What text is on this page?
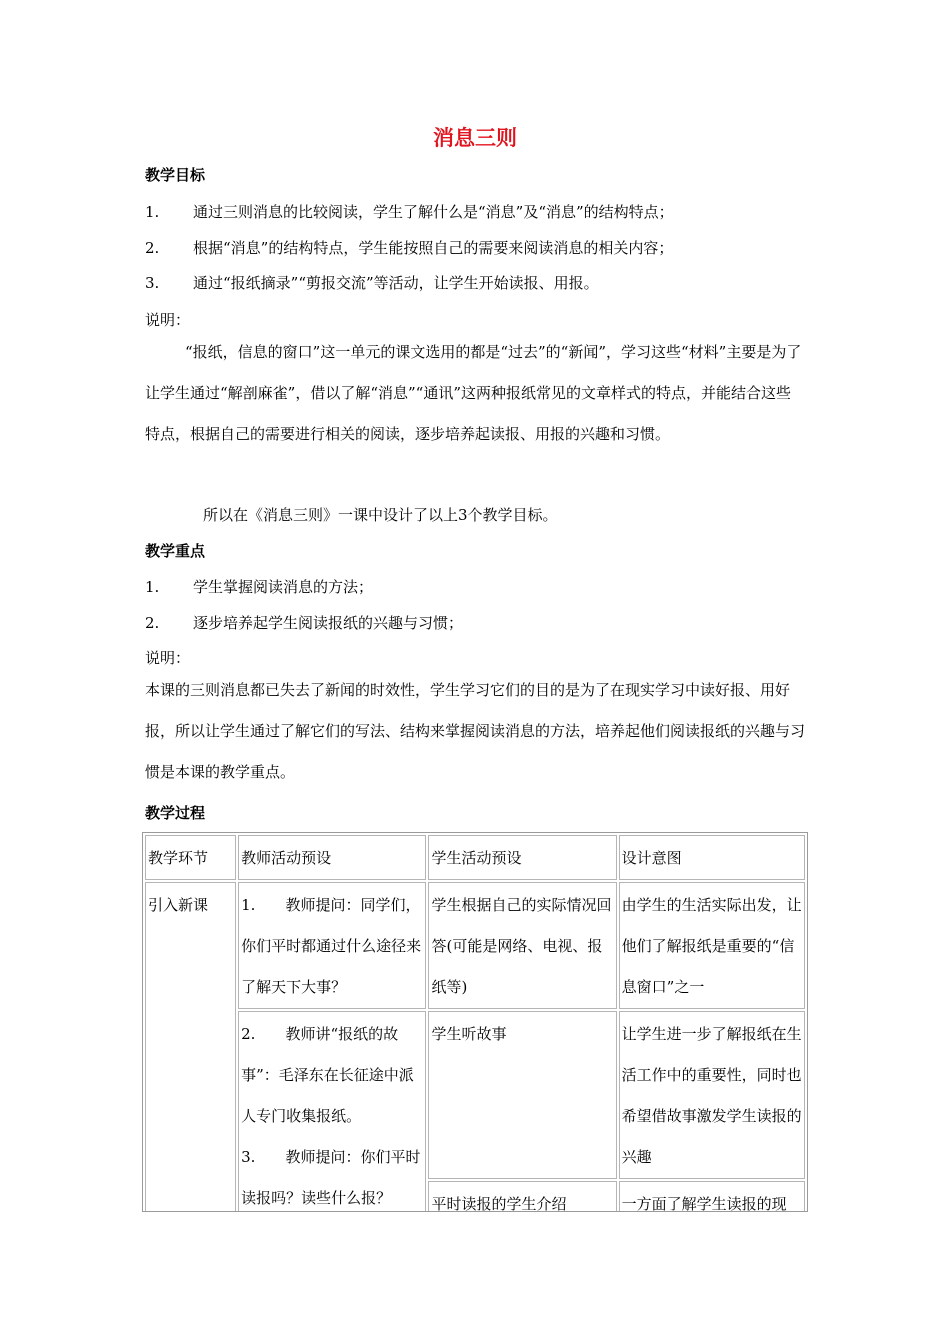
消息三则
教学目标
1. 通过三则消息的比较阅读，学生了解什么是“消息”及“消息”的结构特点；
2. 根据“消息”的结构特点，学生能按照自己的需要来阅读消息的相关内容；
3. 通过“报纸摘录”“剪报交流”等活动，让学生开始读报、用报。
说明：
“报纸，信息的窗口”这一单元的课文选用的都是“过去”的“新闻”，学习这些“材料”主要是为了让学生通过“解剖麻雀”，借以了解“消息”“通讯”这两种报纸常见的文章样式的特点，并能结合这些特点，根据自己的需要进行相关的阅读，逐步培养起读报、用报的兴趣和习惯。
所以在《消息三则》一课中设计了以上3个教学目标。
教学重点
1. 学生掌握阅读消息的方法；
2. 逐步培养起学生阅读报纸的兴趣与习惯；
说明：
本课的三则消息都已失去了新闻的时效性，学生学习它们的目的是为了在现实学习中读好报、用好报，所以让学生通过了解它们的写法、结构来掌握阅读消息的方法，培养起他们阅读报纸的兴趣与习惯是本课的教学重点。
教学过程
教学环节	教师活动预设	学生活动预设	设计意图
引入新课	1.　　教师提问：同学们，你们平时都通过什么途径来了解天下大事？	学生根据自己的实际情况回答(可能是网络、电视、报纸等)	由学生的生活实际出发，让他们了解报纸是重要的“信息窗口”之一

	2.　　教师讲“报纸的故事”：毛泽东在长征途中派人专门收集报纸。
3.　　教师提问：你们平时读报吗？读些什么报？	学生听故事	让学生进一步了解报纸在生活工作中的重要性，同时也希望借故事激发学生读报的兴趣
		平时读报的学生介绍	一方面了解学生读报的现
